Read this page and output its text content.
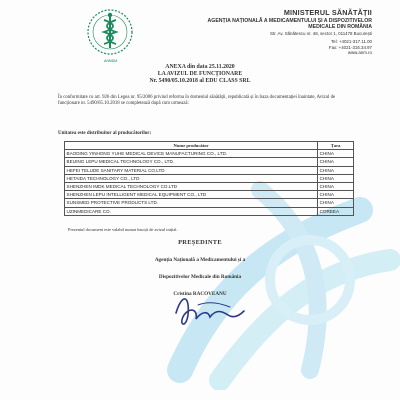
ANMDM
MINISTERUL SĂNĂTĂȚII
AGENȚIA NAȚIONALĂ A MEDICAMENTULUI ȘI A DISPOZITIVELOR MEDICALE DIN ROMÂNIA
Str. Av. Sănătescu nr. 48, sector 1, 011478 București
Tel: +4021-317.11.00
Fax: +4021-316.34.97
www.anm.ro
ANEXA din data 25.11.2020
LA AVIZUL DE FUNCȚIONARE
Nr. 5490/05.10.2018 al EDU CLASS SRL
În conformitate cu art. 926 din Legea nr. 95/2006 privind reforma în domeniul sănătății, republicată și în baza documentației înaintate, Avizul de funcționare nr. 5490/05.10.2018 se completează după cum urmează:
Unitatea este distribuitor al producătorilor:
Nume producător	Țara
BAODING YINHONG YUHE MEDICAL DEVICE MANUFACTURING CO., LTD.	CHINA
BEIJING LEPU MEDICAL TECHNOLOGY CO., LTD.	CHINA
HEFEI TELUDE SANITARY MATERIAL CO.LTD	CHINA
HETAIDA TECHNOLOGY CO., LTD	CHINA
SHENZHEN IMDK MEDICAL TECHNOLOGY CO.LTD	CHINA
SHENZHEN LEPU INTELLIGENT MEDICAL EQUIPMENT CO., LTD	CHINA
SUNSMED PROTECTIVE PRODUCTS LTD.	CHINA
UZINMEDICARE CO.	COREEA
Prezentul document este valabil numai însoțit de avizul inițial.
PREȘEDINTE
Agenția Națională a Medicamentului și a
Dispozitivelor Medicale din România
Cristina RACOVEANU
